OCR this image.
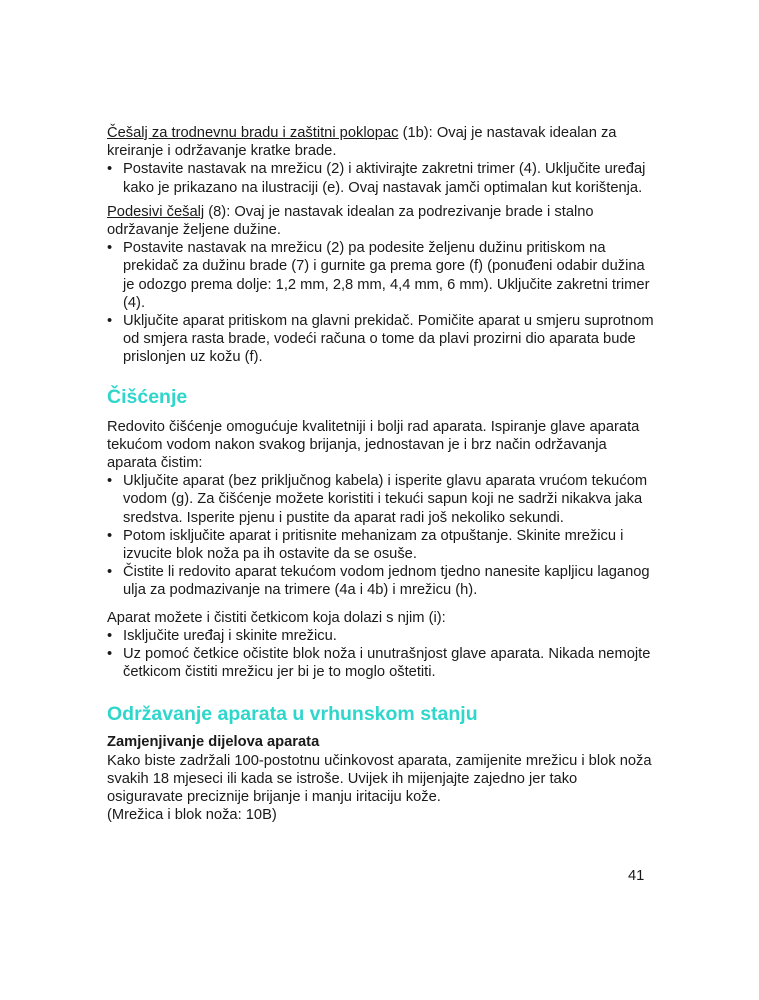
Češalj za trodnevnu bradu i zaštitni poklopac (1b): Ovaj je nastavak idealan za kreiranje i održavanje kratke brade.

• Postavite nastavak na mrežicu (2) i aktivirajte zakretni trimer (4). Uključite uređaj kako je prikazano na ilustraciji (e). Ovaj nastavak jamči optimalan kut korištenja.

Podesivi češalj (8): Ovaj je nastavak idealan za podrezivanje brade i stalno održavanje željene dužine.

• Postavite nastavak na mrežicu (2) pa podesite željenu dužinu pritiskom na prekidač za dužinu brade (7) i gurnite ga prema gore (f) (ponuđeni odabir dužina je odozgo prema dolje: 1,2 mm, 2,8 mm, 4,4 mm, 6 mm). Uključite zakretni trimer (4).
• Uključite aparat pritiskom na glavni prekidač. Pomičite aparat u smjeru suprotnom od smjera rasta brade, vodeći računa o tome da plavi prozirni dio aparata bude prislonjen uz kožu (f).
Čišćenje

Redovito čišćenje omogućuje kvalitetniji i bolji rad aparata. Ispiranje glave aparata tekućom vodom nakon svakog brijanja, jednostavan je i brz način održavanja aparata čistim:

• Uključite aparat (bez priključnog kabela) i isperite glavu aparata vrućom tekućom vodom (g). Za čišćenje možete koristiti i tekući sapun koji ne sadrži nikakva jaka sredstva. Isperite pjenu i pustite da aparat radi još nekoliko sekundi.
• Potom isključite aparat i pritisnite mehanizam za otpuštanje. Skinite mrežicu i izvucite blok noža pa ih ostavite da se osuše.
• Čistite li redovito aparat tekućom vodom jednom tjedno nanesite kapljicu laganog ulja za podmazivanje na trimere (4a i 4b) i mrežicu (h).

Aparat možete i čistiti četkicom koja dolazi s njim (i):

• Isključite uređaj i skinite mrežicu.
• Uz pomoć četkice očistite blok noža i unutrašnjost glave aparata. Nikada nemojte četkicom čistiti mrežicu jer bi je to moglo oštetiti.
Održavanje aparata u vrhunskom stanju

Zamjenjivanje dijelova aparata

Kako biste zadržali 100-postotnu učinkovost aparata, zamijenite mrežicu i blok noža svakih 18 mjeseci ili kada se istroše. Uvijek ih mijenjajte zajedno jer tako osiguravate preciznije brijanje i manju iritaciju kože.

(Mrežica i blok noža: 10B)

41
